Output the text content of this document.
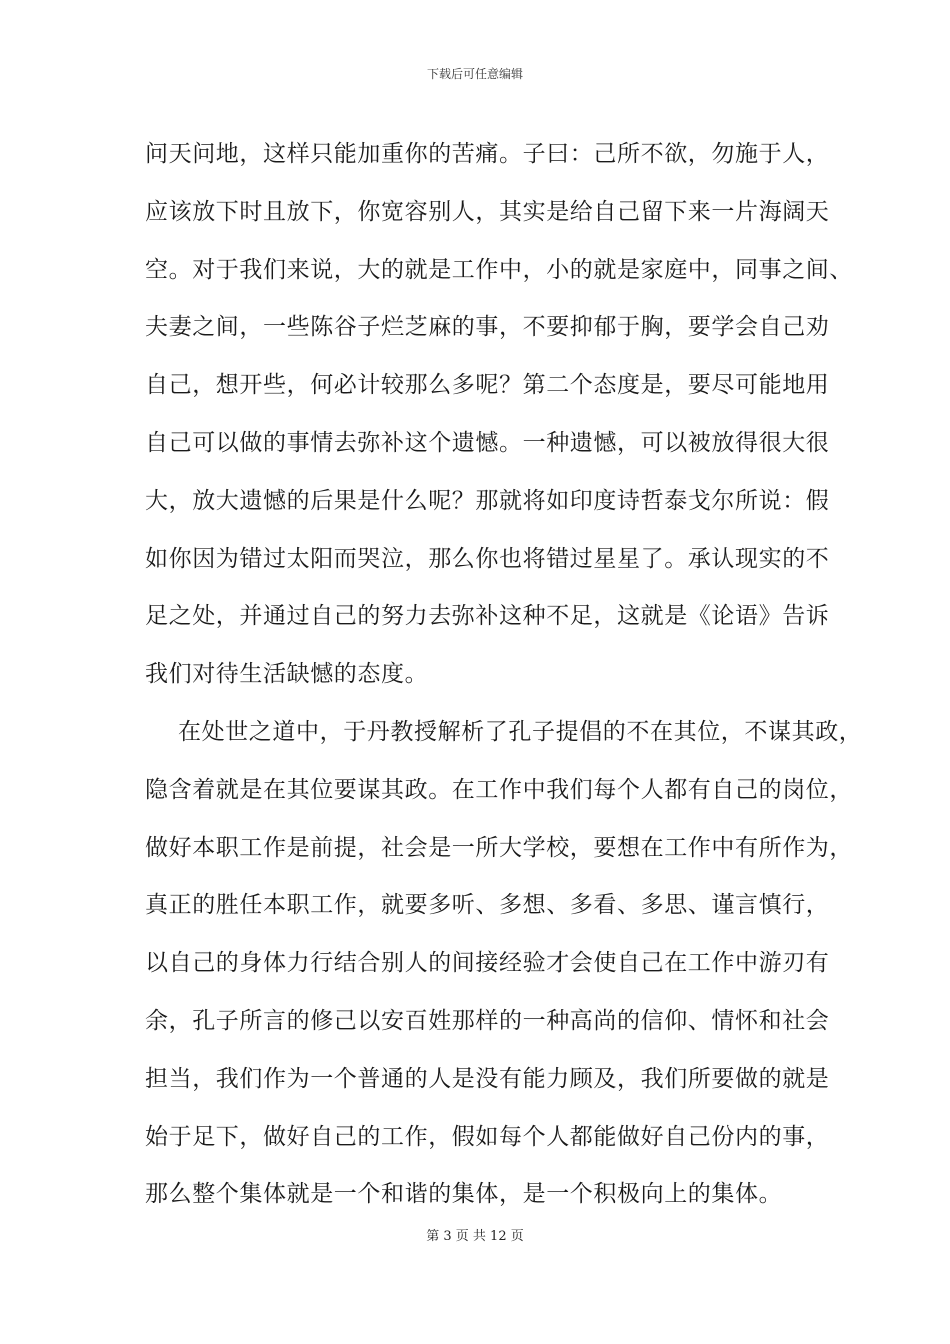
下载后可任意编辑
问天问地，这样只能加重你的苦痛。子曰：己所不欲，勿施于人，
应该放下时且放下，你宽容别人，其实是给自己留下来一片海阔天
空。对于我们来说，大的就是工作中，小的就是家庭中，同事之间、
夫妻之间，一些陈谷子烂芝麻的事，不要抑郁于胸，要学会自己劝
自己，想开些，何必计较那么多呢？第二个态度是，要尽可能地用
自己可以做的事情去弥补这个遗憾。一种遗憾，可以被放得很大很
大，放大遗憾的后果是什么呢？那就将如印度诗哲泰戈尔所说：假
如你因为错过太阳而哭泣，那么你也将错过星星了。承认现实的不
足之处，并通过自己的努力去弥补这种不足，这就是《论语》告诉
我们对待生活缺憾的态度。
在处世之道中，于丹教授解析了孔子提倡的不在其位，不谋其政，
隐含着就是在其位要谋其政。在工作中我们每个人都有自己的岗位，
做好本职工作是前提，社会是一所大学校，要想在工作中有所作为，
真正的胜任本职工作，就要多听、多想、多看、多思、谨言慎行，
以自己的身体力行结合别人的间接经验才会使自己在工作中游刃有
余，孔子所言的修己以安百姓那样的一种高尚的信仰、情怀和社会
担当，我们作为一个普通的人是没有能力顾及，我们所要做的就是
始于足下，做好自己的工作，假如每个人都能做好自己份内的事，
那么整个集体就是一个和谐的集体，是一个积极向上的集体。
第 3 页 共 12 页
